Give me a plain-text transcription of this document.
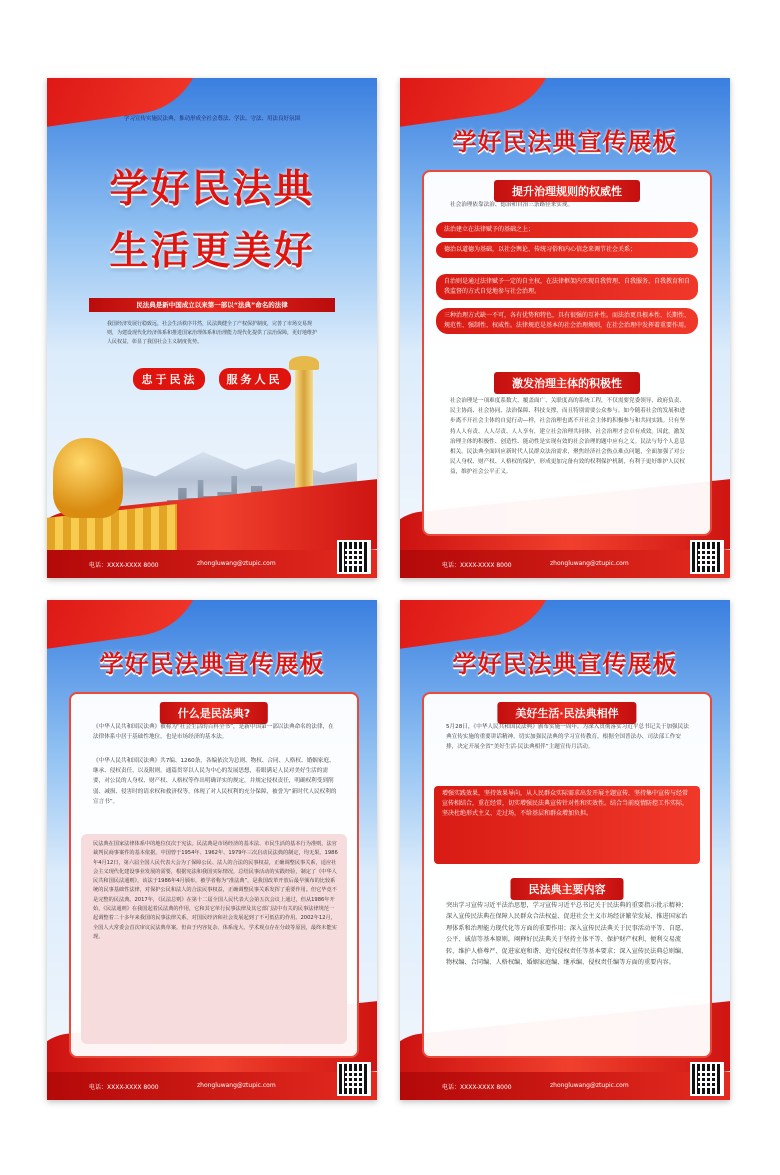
学习宣传实施民法典，推动形成全社会尊法、学法、守法、用法良好氛围
学好民法典
生活更美好
民法典是新中国成立以来第一部以“法典”命名的法律
我国经济发展行稳致远，社会生活秩序井然，民法典健全了产权保护制度，完善了市场交易规则，为建设现代化经济体系和推进国家治理体系和治理能力现代化提供了法治保障，更好地维护人民权益，彰显了我国社会主义制度优势。
忠于民法	服务人民
电话：XXXX-XXXX 8000	zhongluwang@ztupic.com
学好民法典宣传展板
提升治理规则的权威性
社会治理依靠法治、德治和自治三条路径来实现。
法治建立在法律赋予的基础之上；
德治以道德为基础，以社会舆论、传统习俗和内心信念来调节社会关系；
自治则是通过法律赋予一定的自主权，在法律框架内实现自我管理、自我服务、自我教育和自我监督的方式自觉地参与社会治理。
三种治理方式缺一不可，各有优势和特色，具有很强的互补性。而法治更具根本性、长期性、规范性、强制性、权威性。法律规范是基本的社会治理规则，在社会治理中发挥着重要作用。
激发治理主体的积极性
社会治理是一项难度系数大、覆盖面广、关联度高的系统工程，不仅需要党委领导、政府负责、民主协商、社会协同、法治保障、科技支撑，而且特别需要公众参与。如今随着社会的发展和进步离不开社会主体的自觉行动—样，社会治理也离不开社会主体的积极参与和共同实践。只有坚持人人有责、人人尽责、人人享有，建立社会治理共同体，社会治理才会卓有成效。因此，激发治理主体的积极性、创造性、能动性是实现有效的社会治理的题中应有之义。民法与每个人息息相关。民法典全面回应新时代人民群众法治需求，聚焦经济社会热点难点问题，全面加强了对公民人身权、财产权、人格权的保护，形成更加完备有效的权利保护机制，有利于更好维护人民权益，维护社会公平正义。
电话：XXXX-XXXX 8000	zhongluwang@ztupic.com
学好民法典宣传展板
什么是民法典?
《中华人民共和国民法典》被称为“社会生活的百科全书”，是新中国第一部以法典命名的法律，在法律体系中居于基础性地位，也是市场经济的基本法。
《中华人民共和国民法典》共7编、1260条，各编依次为总则、物权、合同、人格权、婚姻家庭、继承、侵权责任，以及附则。通篇贯穿以人民为中心的发展思想，着眼满足人民对美好生活的需要，对公民的人身权、财产权、人格权等作出明确详实的规定，并规定侵权责任，明确权利受到削弱、减损、侵害时的请求权和救济权等，体现了对人民权利的充分保障，被誉为“新时代人民权利的宣言书”。
民法典在国家法律体系中的地位仅次于宪法。民法典是市场经济的基本法、市民生活的基本行为准则，法官裁判民商事案件的基本依据。中国曾于1954年、1962年、1979年三次启动民法典的制定，均无果。1986年4月12日，第六届全国人民代表大会为了保障公民、法人的合法的民事权益，正确调整民事关系，适应社会主义现代化建设事业发展的需要，根据宪法和我国实际情况，总结民事活动的实践经验，制定了《中华人民共和国民法通则》，该法于1986年4月颁布，被学者称为“准法典”，是我国改革开放后最早颁布的比较系统的民事基础性法律，对保护公民和法人的合法民事权益，正确调整民事关系发挥了重要作用。但它毕竟不是完整的民法典。2017年，《民法总则》在第十二届全国人民代表大会第五次会议上通过，但从1986年开始，《民法通则》在我国起着民法典的作用，它和其它单行民事法律及其它部门法中有关的民事法律规范一起调整着二十多年来我国的民事法律关系，对国民经济和社会发展起到了不可低估的作用。2002年12月，全国人大常委会首次审议民法典草案。但由于内容复杂、体系庞大、学术观点存在分歧等原因，最终未能实现。
电话：XXXX-XXXX 8000	zhongluwang@ztupic.com
学好民法典宣传展板
美好生活·民法典相伴
5月28日，《中华人民共和国民法典》颁布实施一周年。为深入贯彻落实习近平总书记关于加强民法典宣传实施的重要讲话精神，切实加强民法典的学习宣传教育，根据全国普法办、司法部工作安排，决定开展全省“美好生活·民法典相伴”主题宣传月活动。
增强实践效果，坚持效果导向，从人民群众实际需求出发开展主题宣传，坚持集中宣传与经常宣传相结合，重在经常，切实增强民法典宣传针对性和实效性。结合当前疫情防控工作实际，坚决杜绝形式主义、走过场，不给基层和群众增加负担。
民法典主要内容
突出学习宣传习近平法治思想，学习宣传习近平总书记关于民法典的重要指示批示精神；深入宣传民法典在保障人民群众合法权益、促进社会主义市场经济繁荣发展、推进国家治理体系和治理能力现代化等方面的重要作用；深入宣传民法典关于民事活动平等、自愿、公平、诚信等基本原则，阐释好民法典关于坚持主体平等、保护财产权利、便利交易流转、维护人格尊严、促进家庭和谐、追究侵权责任等基本要求；深入宣传民法典总则编、物权编、合同编、人格权编、婚姻家庭编、继承编、侵权责任编等方面的重要内容。
电话：XXXX-XXXX 8000	zhongluwang@ztupic.com
